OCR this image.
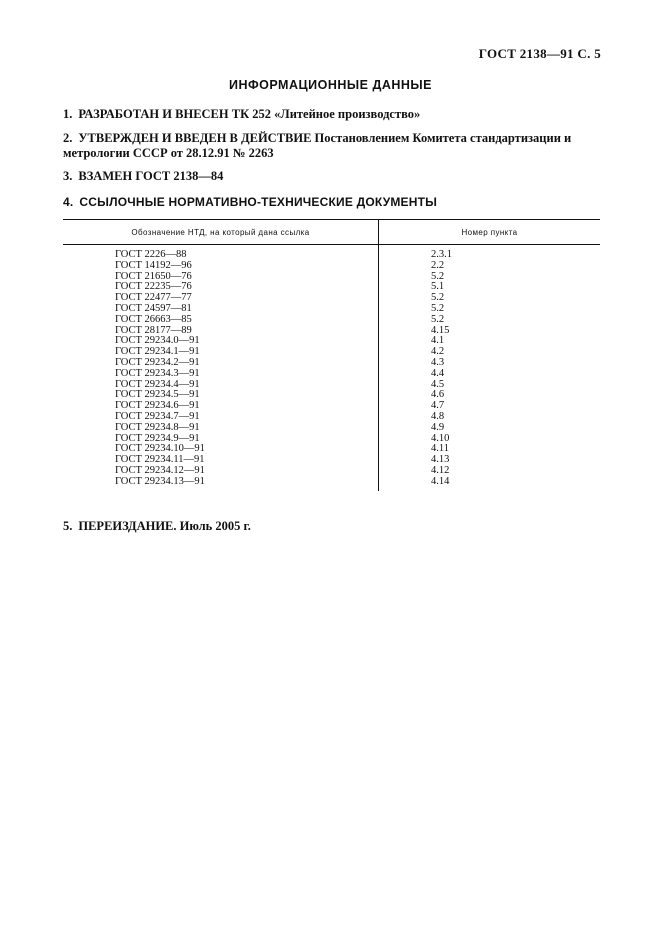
ГОСТ 2138—91 С. 5
ИНФОРМАЦИОННЫЕ ДАННЫЕ
1. РАЗРАБОТАН И ВНЕСЕН ТК 252 «Литейное производство»
2. УТВЕРЖДЕН И ВВЕДЕН В ДЕЙСТВИЕ Постановлением Комитета стандартизации и метрологии СССР от 28.12.91 № 2263
3. ВЗАМЕН ГОСТ 2138—84
4. ССЫЛОЧНЫЕ НОРМАТИВНО-ТЕХНИЧЕСКИЕ ДОКУМЕНТЫ
Обозначение НТД, на который дана ссылка	Номер пункта
ГОСТ 2226—88
ГОСТ 14192—96
ГОСТ 21650—76
ГОСТ 22235—76
ГОСТ 22477—77
ГОСТ 24597—81
ГОСТ 26663—85
ГОСТ 28177—89
ГОСТ 29234.0—91
ГОСТ 29234.1—91
ГОСТ 29234.2—91
ГОСТ 29234.3—91
ГОСТ 29234.4—91
ГОСТ 29234.5—91
ГОСТ 29234.6—91
ГОСТ 29234.7—91
ГОСТ 29234.8—91
ГОСТ 29234.9—91
ГОСТ 29234.10—91
ГОСТ 29234.11—91
ГОСТ 29234.12—91
ГОСТ 29234.13—91
2.3.1
2.2
5.2
5.1
5.2
5.2
5.2
4.15
4.1
4.2
4.3
4.4
4.5
4.6
4.7
4.8
4.9
4.10
4.11
4.13
4.12
4.14
5. ПЕРЕИЗДАНИЕ. Июль 2005 г.
